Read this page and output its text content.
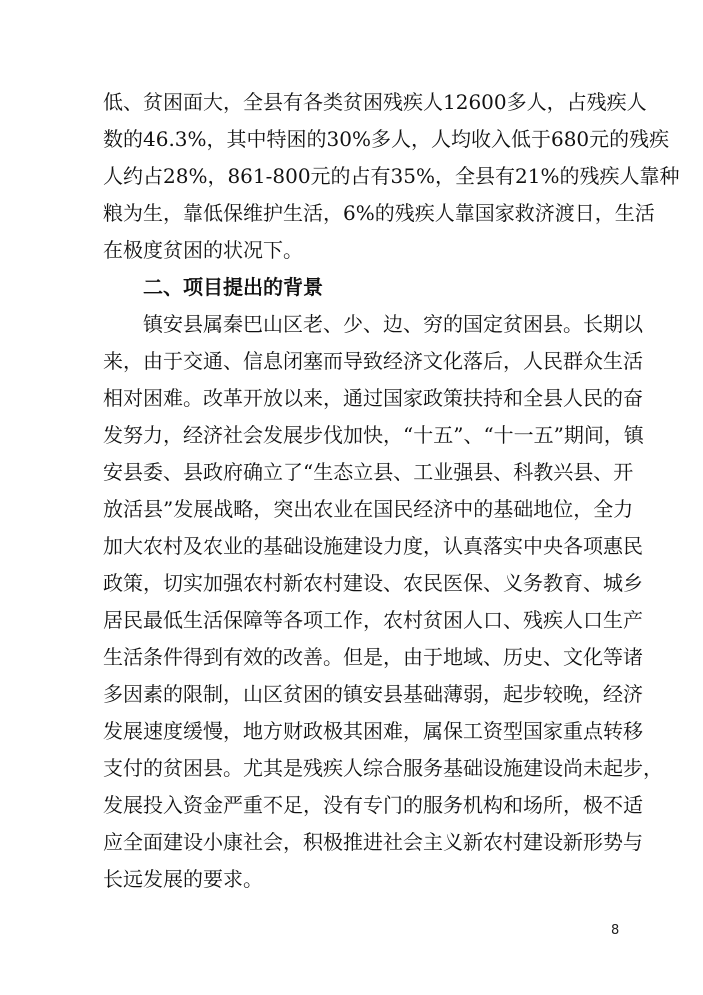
低、贫困面大，全县有各类贫困残疾人12600多人，占残疾人
数的46.3%，其中特困的30%多人，人均收入低于680元的残疾
人约占28%，861-800元的占有35%，全县有21%的残疾人靠种
粮为生，靠低保维护生活，6%的残疾人靠国家救济渡日，生活
在极度贫困的状况下。
二、项目提出的背景
镇安县属秦巴山区老、少、边、穷的国定贫困县。长期以
来，由于交通、信息闭塞而导致经济文化落后，人民群众生活
相对困难。改革开放以来，通过国家政策扶持和全县人民的奋
发努力，经济社会发展步伐加快，“十五”、“十一五”期间，镇
安县委、县政府确立了“生态立县、工业强县、科教兴县、开
放活县”发展战略，突出农业在国民经济中的基础地位，全力
加大农村及农业的基础设施建设力度，认真落实中央各项惠民
政策，切实加强农村新农村建设、农民医保、义务教育、城乡
居民最低生活保障等各项工作，农村贫困人口、残疾人口生产
生活条件得到有效的改善。但是，由于地域、历史、文化等诸
多因素的限制，山区贫困的镇安县基础薄弱，起步较晚，经济
发展速度缓慢，地方财政极其困难，属保工资型国家重点转移
支付的贫困县。尤其是残疾人综合服务基础设施建设尚未起步，
发展投入资金严重不足，没有专门的服务机构和场所，极不适
应全面建设小康社会，积极推进社会主义新农村建设新形势与
长远发展的要求。
8
